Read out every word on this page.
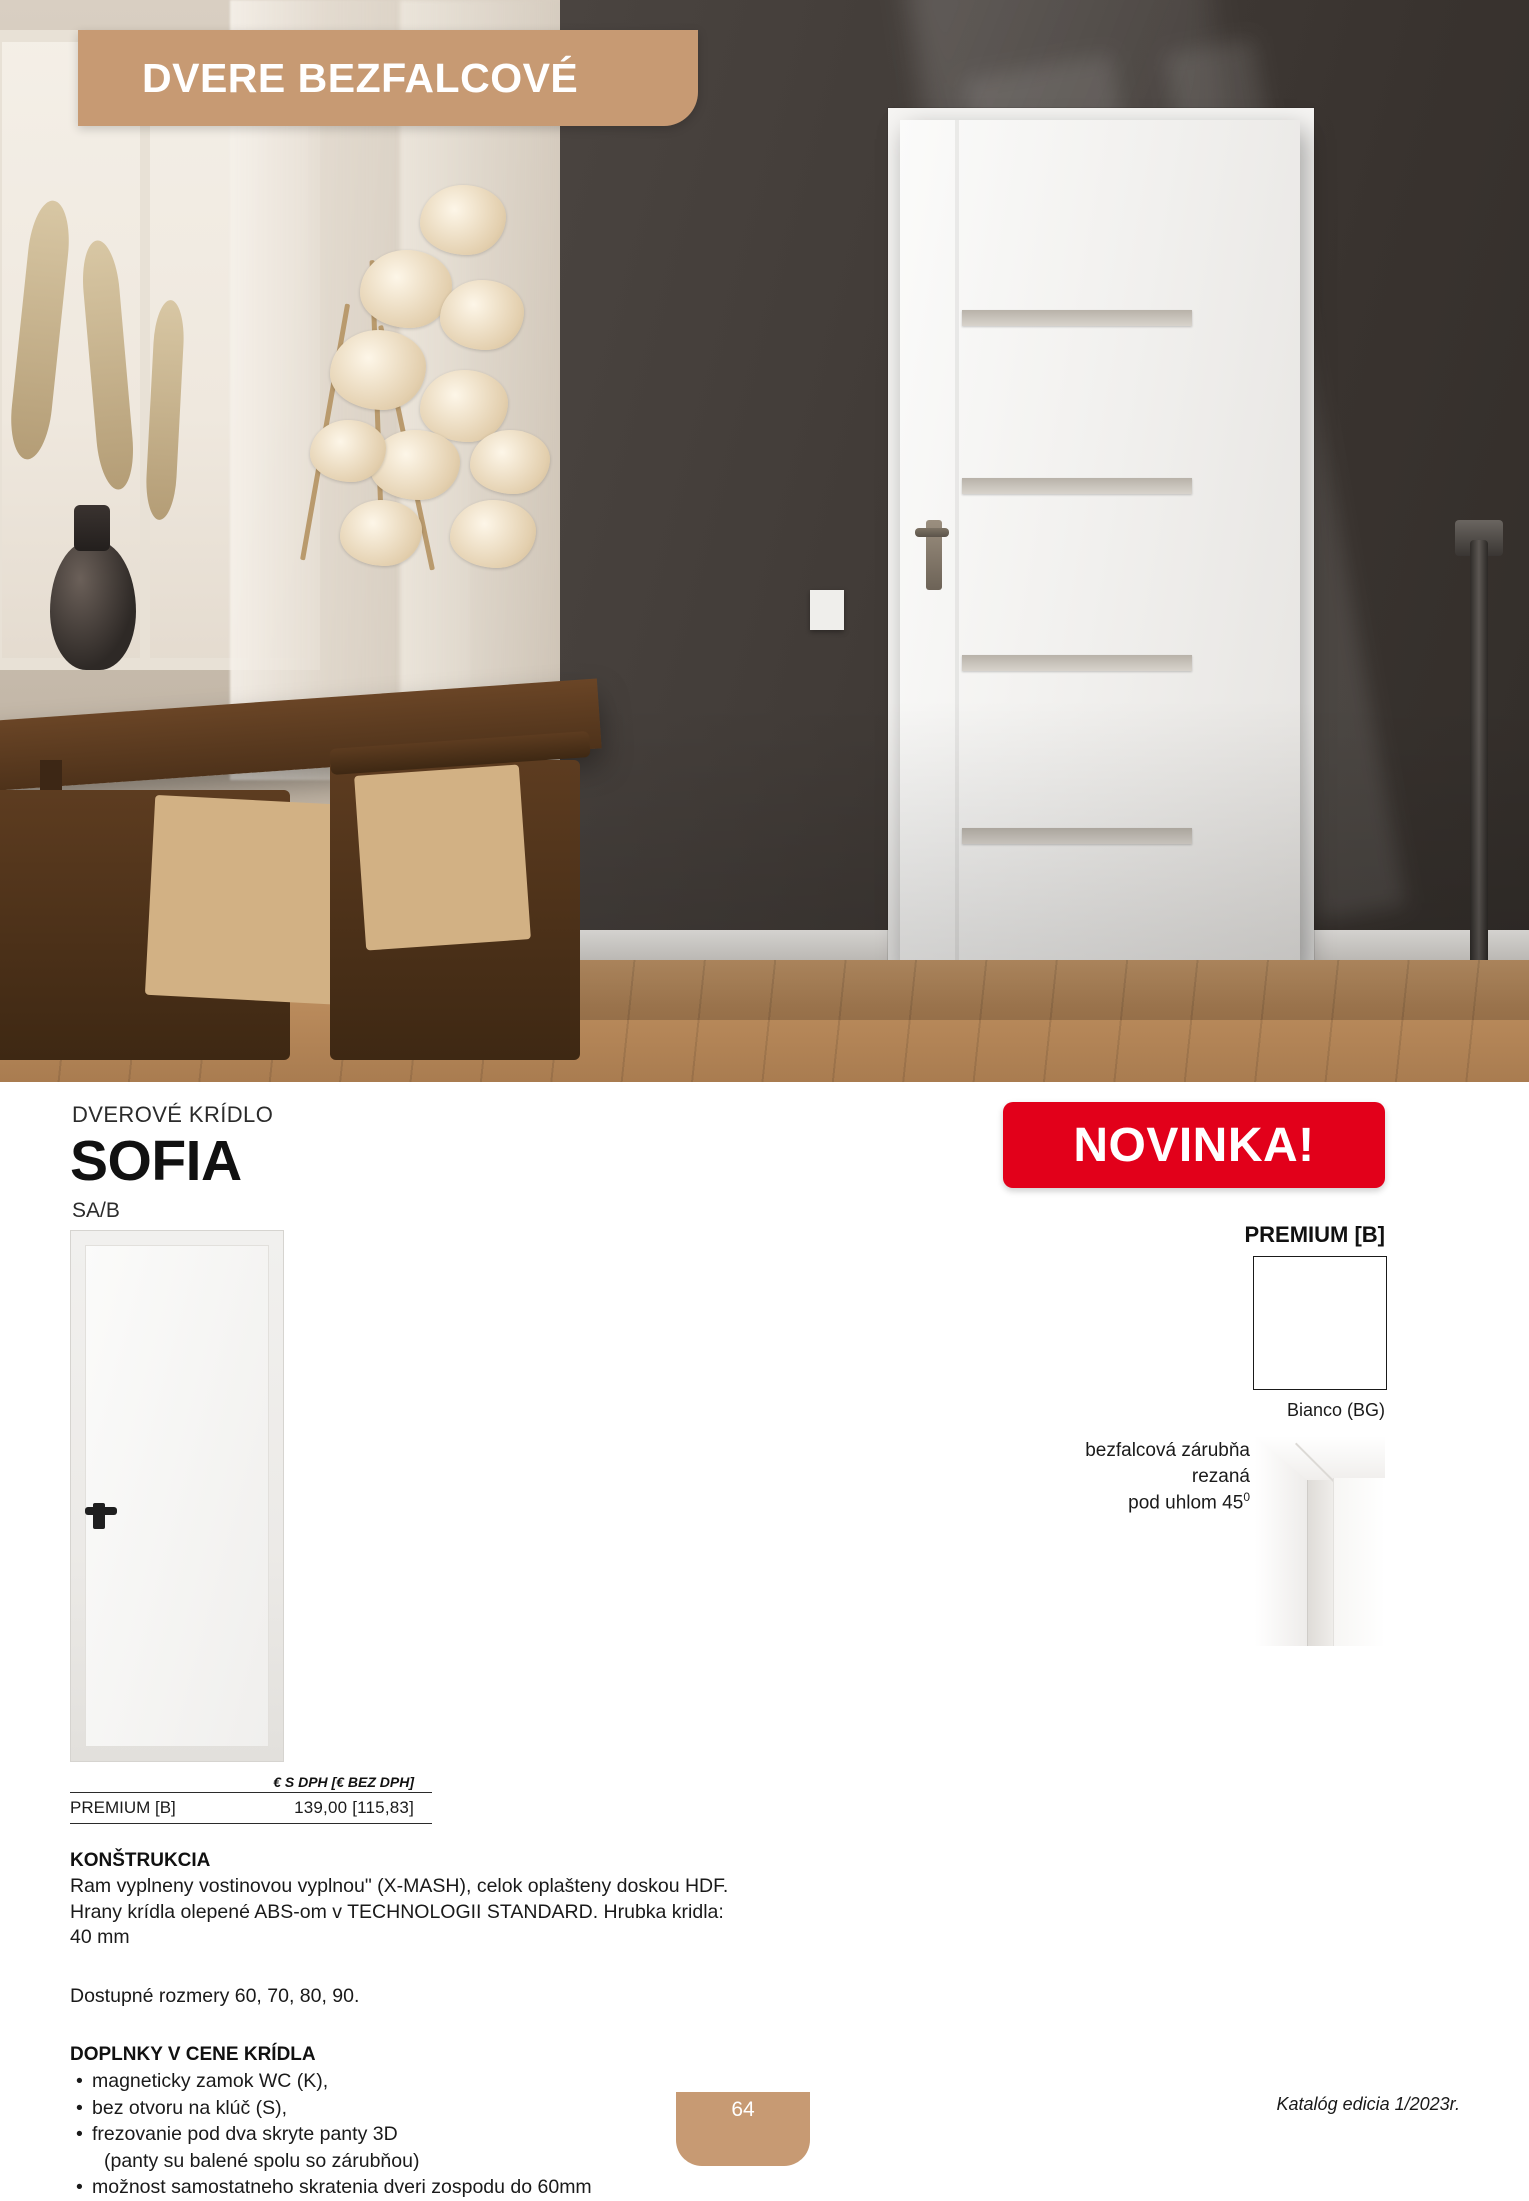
DVERE BEZFALCOVÉ
DVEROVÉ KRÍDLO
SOFIA
SA/B
€ S DPH [€ BEZ DPH]
PREMIUM [B]	139,00 [115,83]
KONŠTRUKCIA

Ram vyplneny vostinovou vyplnou" (X-MASH), celok oplašteny doskou HDF. Hrany krídla olepené ABS-om v TECHNOLOGII STANDARD. Hrubka kridla: 40 mm

Dostupné rozmery 60, 70, 80, 90.

DOPLNKY V CENE KRÍDLA
• magneticky zamok WC (K),
• bez otvoru na klúč (S),
• frezovanie pod dva skryte panty 3D
(panty su balené spolu so zárubňou)
• možnost samostatneho skratenia dveri zospodu do 60mm
NOVINKA!
PREMIUM [B]
Bianco (BG)
bezfalcová zárubňa
rezaná
pod uhlom $45^0$
64	Katalóg edicia 1/2023r.
